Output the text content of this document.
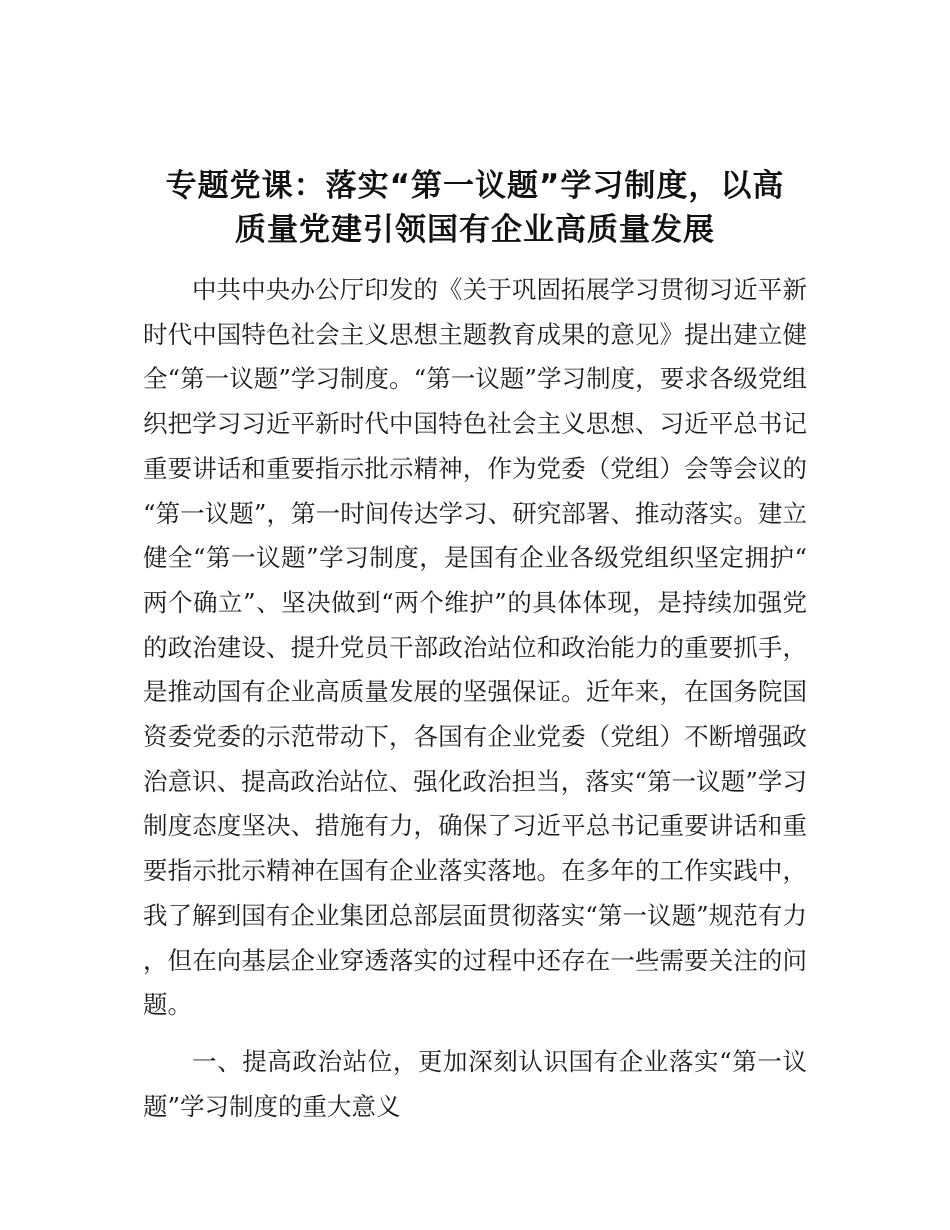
专题党课：落实“第一议题”学习制度，以高
质量党建引领国有企业高质量发展

中共中央办公厅印发的《关于巩固拓展学习贯彻习近平新时代中国特色社会主义思想主题教育成果的意见》提出建立健全“第一议题”学习制度。“第一议题”学习制度，要求各级党组织把学习习近平新时代中国特色社会主义思想、习近平总书记重要讲话和重要指示批示精神，作为党委（党组）会等会议的“第一议题”，第一时间传达学习、研究部署、推动落实。建立健全“第一议题”学习制度，是国有企业各级党组织坚定拥护“两个确立”、坚决做到“两个维护”的具体体现，是持续加强党的政治建设、提升党员干部政治站位和政治能力的重要抓手，是推动国有企业高质量发展的坚强保证。近年来，在国务院国资委党委的示范带动下，各国有企业党委（党组）不断增强政治意识、提高政治站位、强化政治担当，落实“第一议题”学习制度态度坚决、措施有力，确保了习近平总书记重要讲话和重要指示批示精神在国有企业落实落地。在多年的工作实践中，我了解到国有企业集团总部层面贯彻落实“第一议题”规范有力，但在向基层企业穿透落实的过程中还存在一些需要关注的问题。

一、提高政治站位，更加深刻认识国有企业落实“第一议题”学习制度的重大意义
